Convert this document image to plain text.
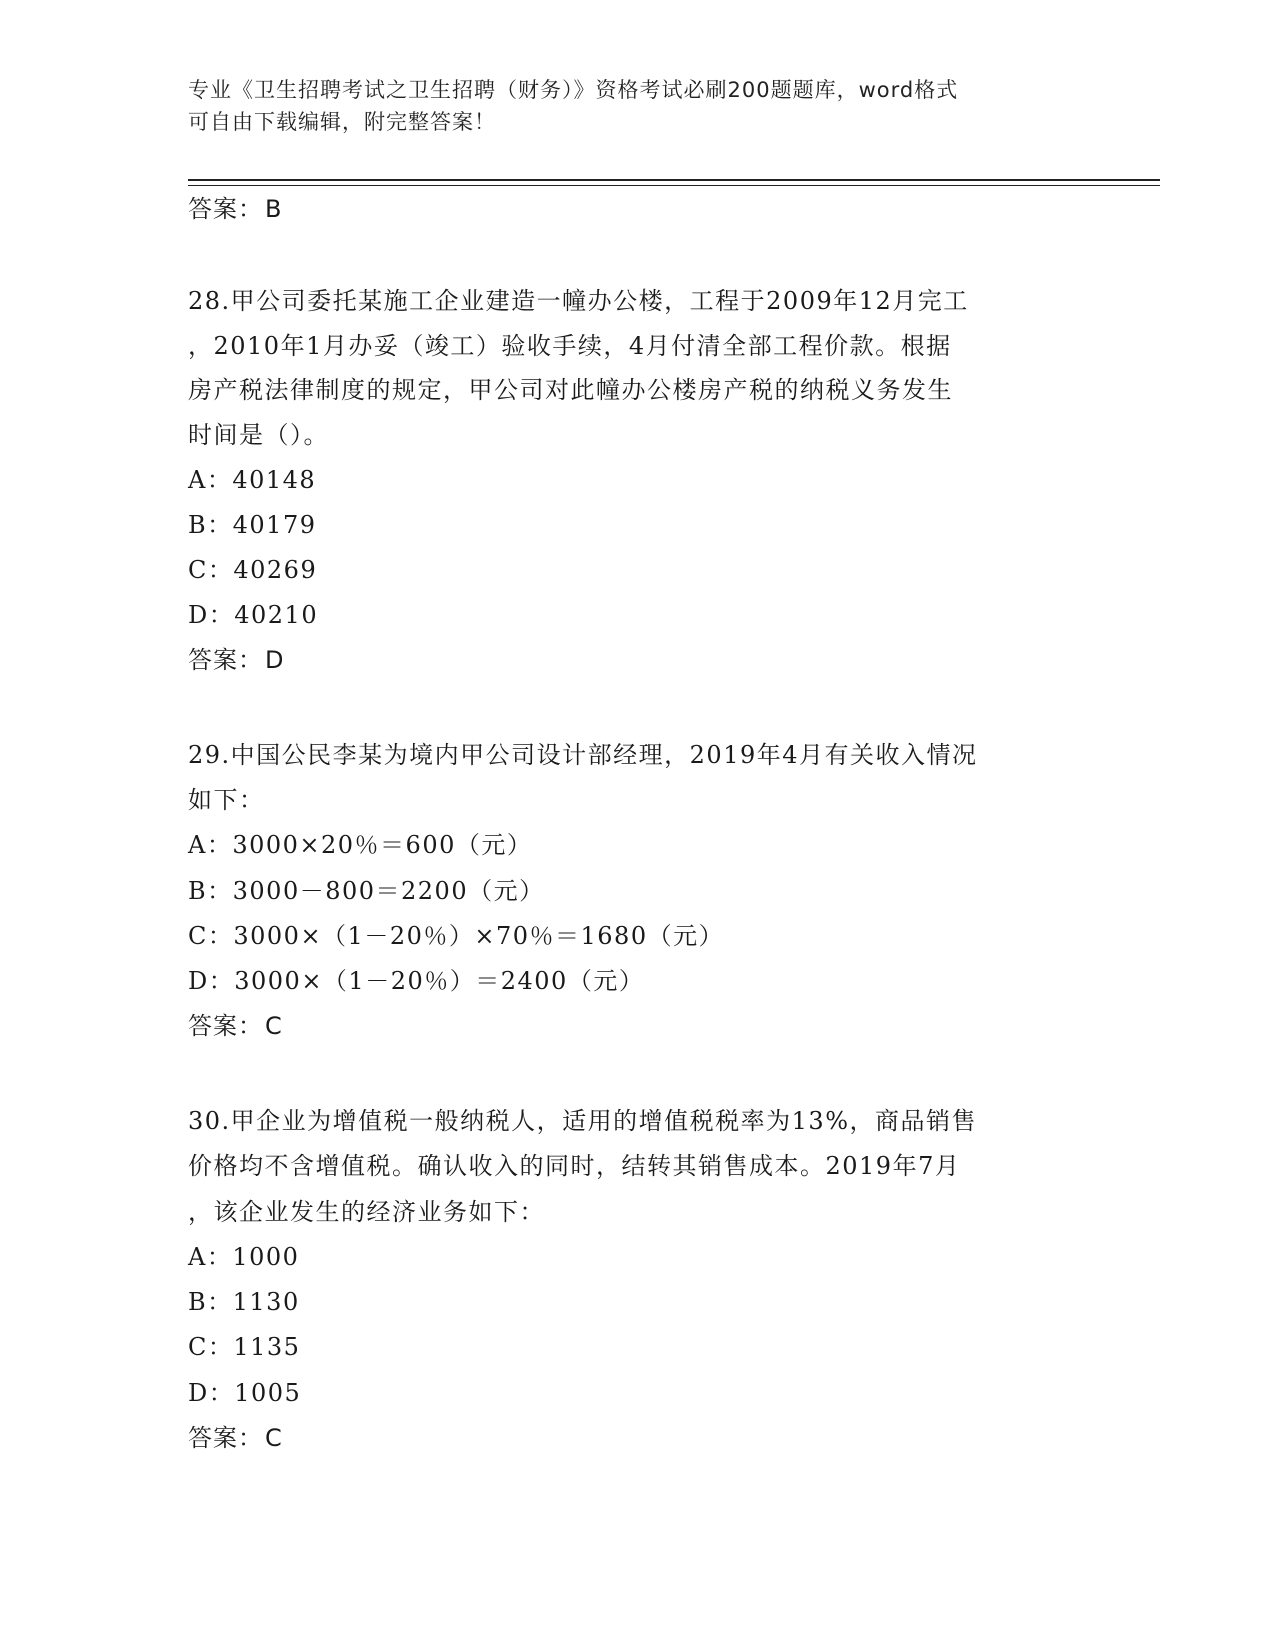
专业《卫生招聘考试之卫生招聘（财务）》资格考试必刷200题题库，word格式
可自由下载编辑，附完整答案！
答案：B
28.甲公司委托某施工企业建造一幢办公楼，工程于2009年12月完工
，2010年1月办妥（竣工）验收手续，4月付清全部工程价款。根据
房产税法律制度的规定，甲公司对此幢办公楼房产税的纳税义务发生
时间是（）。
A：40148
B：40179
C：40269
D：40210
答案：D
29.中国公民李某为境内甲公司设计部经理，2019年4月有关收入情况
如下：
A：3000×20％＝600（元）
B：3000－800＝2200（元）
C：3000×（1－20％）×70％＝1680（元）
D：3000×（1－20％）＝2400（元）
答案：C
30.甲企业为增值税一般纳税人，适用的增值税税率为13%，商品销售
价格均不含增值税。确认收入的同时，结转其销售成本。2019年7月
，该企业发生的经济业务如下：
A：1000
B：1130
C：1135
D：1005
答案：C
